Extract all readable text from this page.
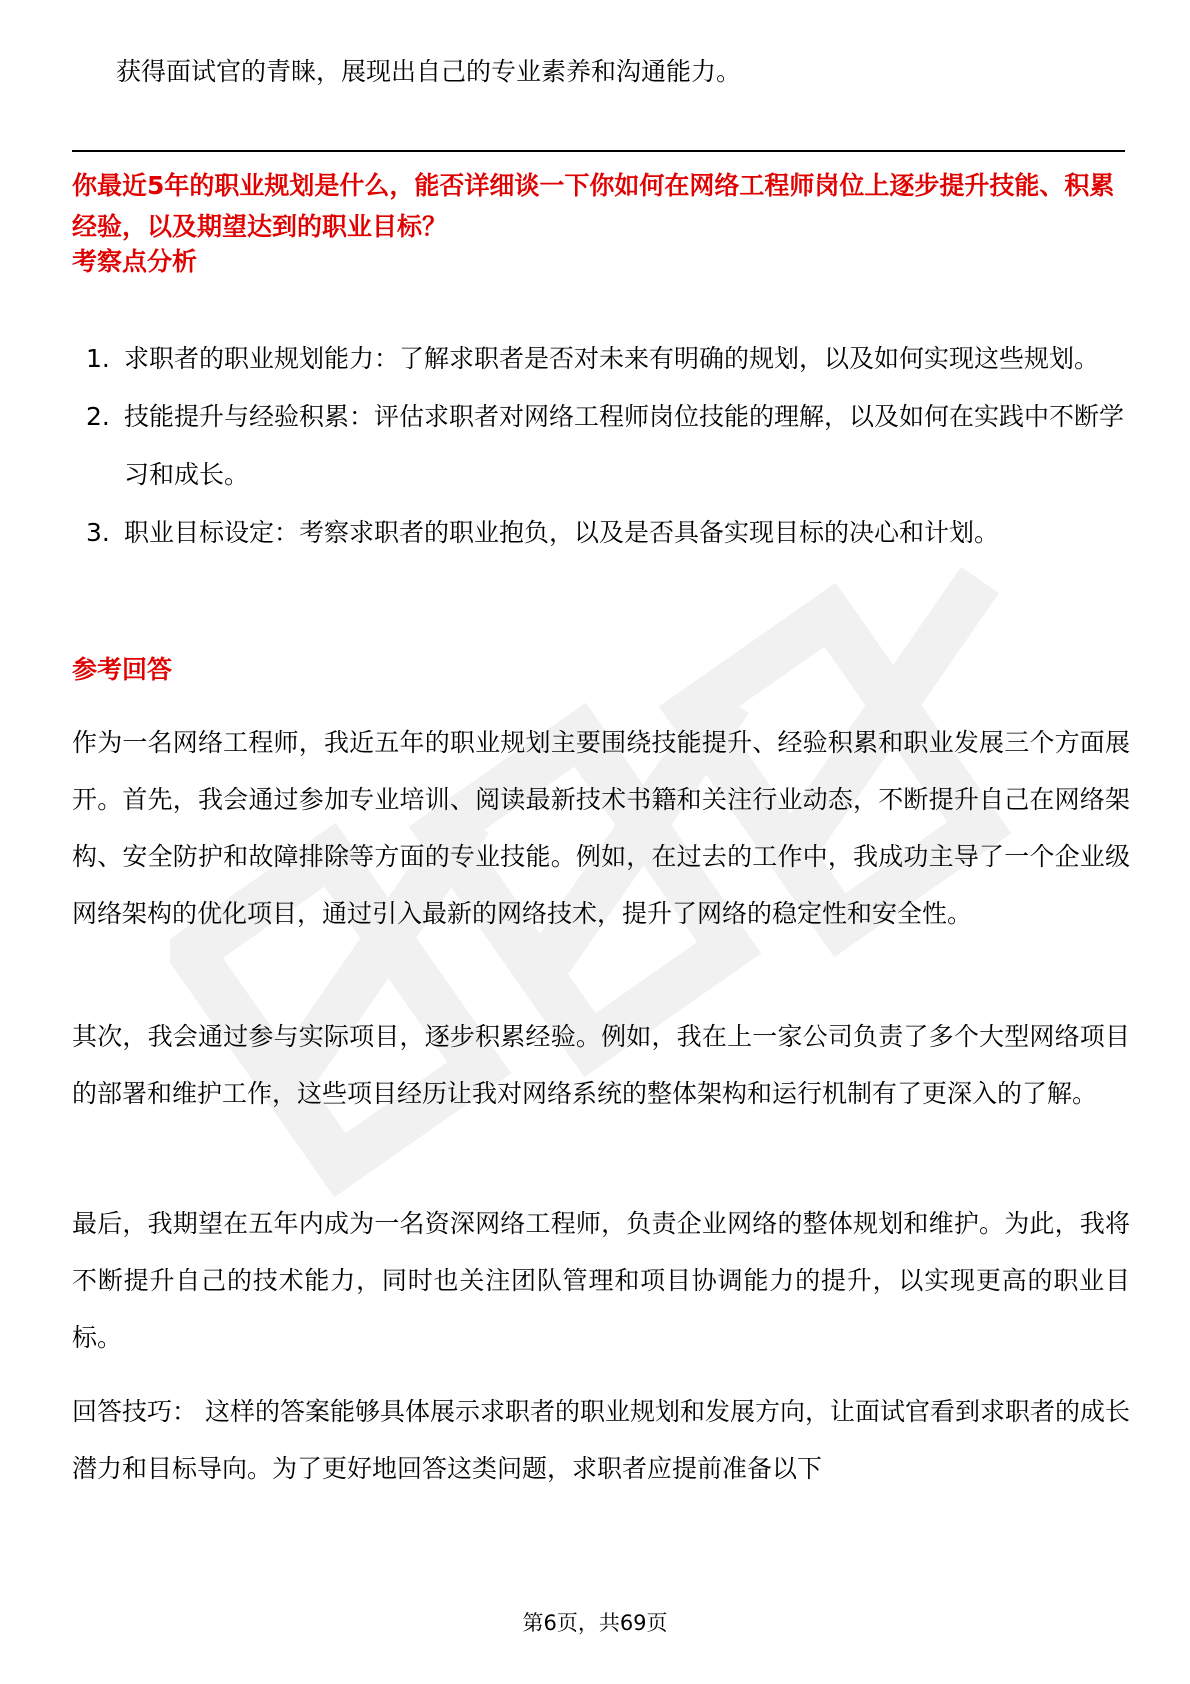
获得面试官的青睐，展现出自己的专业素养和沟通能力。
你最近5年的职业规划是什么，能否详细谈一下你如何在网络工程师岗位上逐步提升技能、积累经验，以及期望达到的职业目标？
考察点分析
1. 求职者的职业规划能力：了解求职者是否对未来有明确的规划，以及如何实现这些规划。
2. 技能提升与经验积累：评估求职者对网络工程师岗位技能的理解，以及如何在实践中不断学习和成长。
3. 职业目标设定：考察求职者的职业抱负，以及是否具备实现目标的决心和计划。
参考回答
作为一名网络工程师，我近五年的职业规划主要围绕技能提升、经验积累和职业发展三个方面展开。首先，我会通过参加专业培训、阅读最新技术书籍和关注行业动态，不断提升自己在网络架构、安全防护和故障排除等方面的专业技能。例如，在过去的工作中，我成功主导了一个企业级网络架构的优化项目，通过引入最新的网络技术，提升了网络的稳定性和安全性。
其次，我会通过参与实际项目，逐步积累经验。例如，我在上一家公司负责了多个大型网络项目的部署和维护工作，这些项目经历让我对网络系统的整体架构和运行机制有了更深入的了解。
最后，我期望在五年内成为一名资深网络工程师，负责企业网络的整体规划和维护。为此，我将不断提升自己的技术能力，同时也关注团队管理和项目协调能力的提升，以实现更高的职业目标。
回答技巧： 这样的答案能够具体展示求职者的职业规划和发展方向，让面试官看到求职者的成长潜力和目标导向。为了更好地回答这类问题，求职者应提前准备以下
第6页，共69页
